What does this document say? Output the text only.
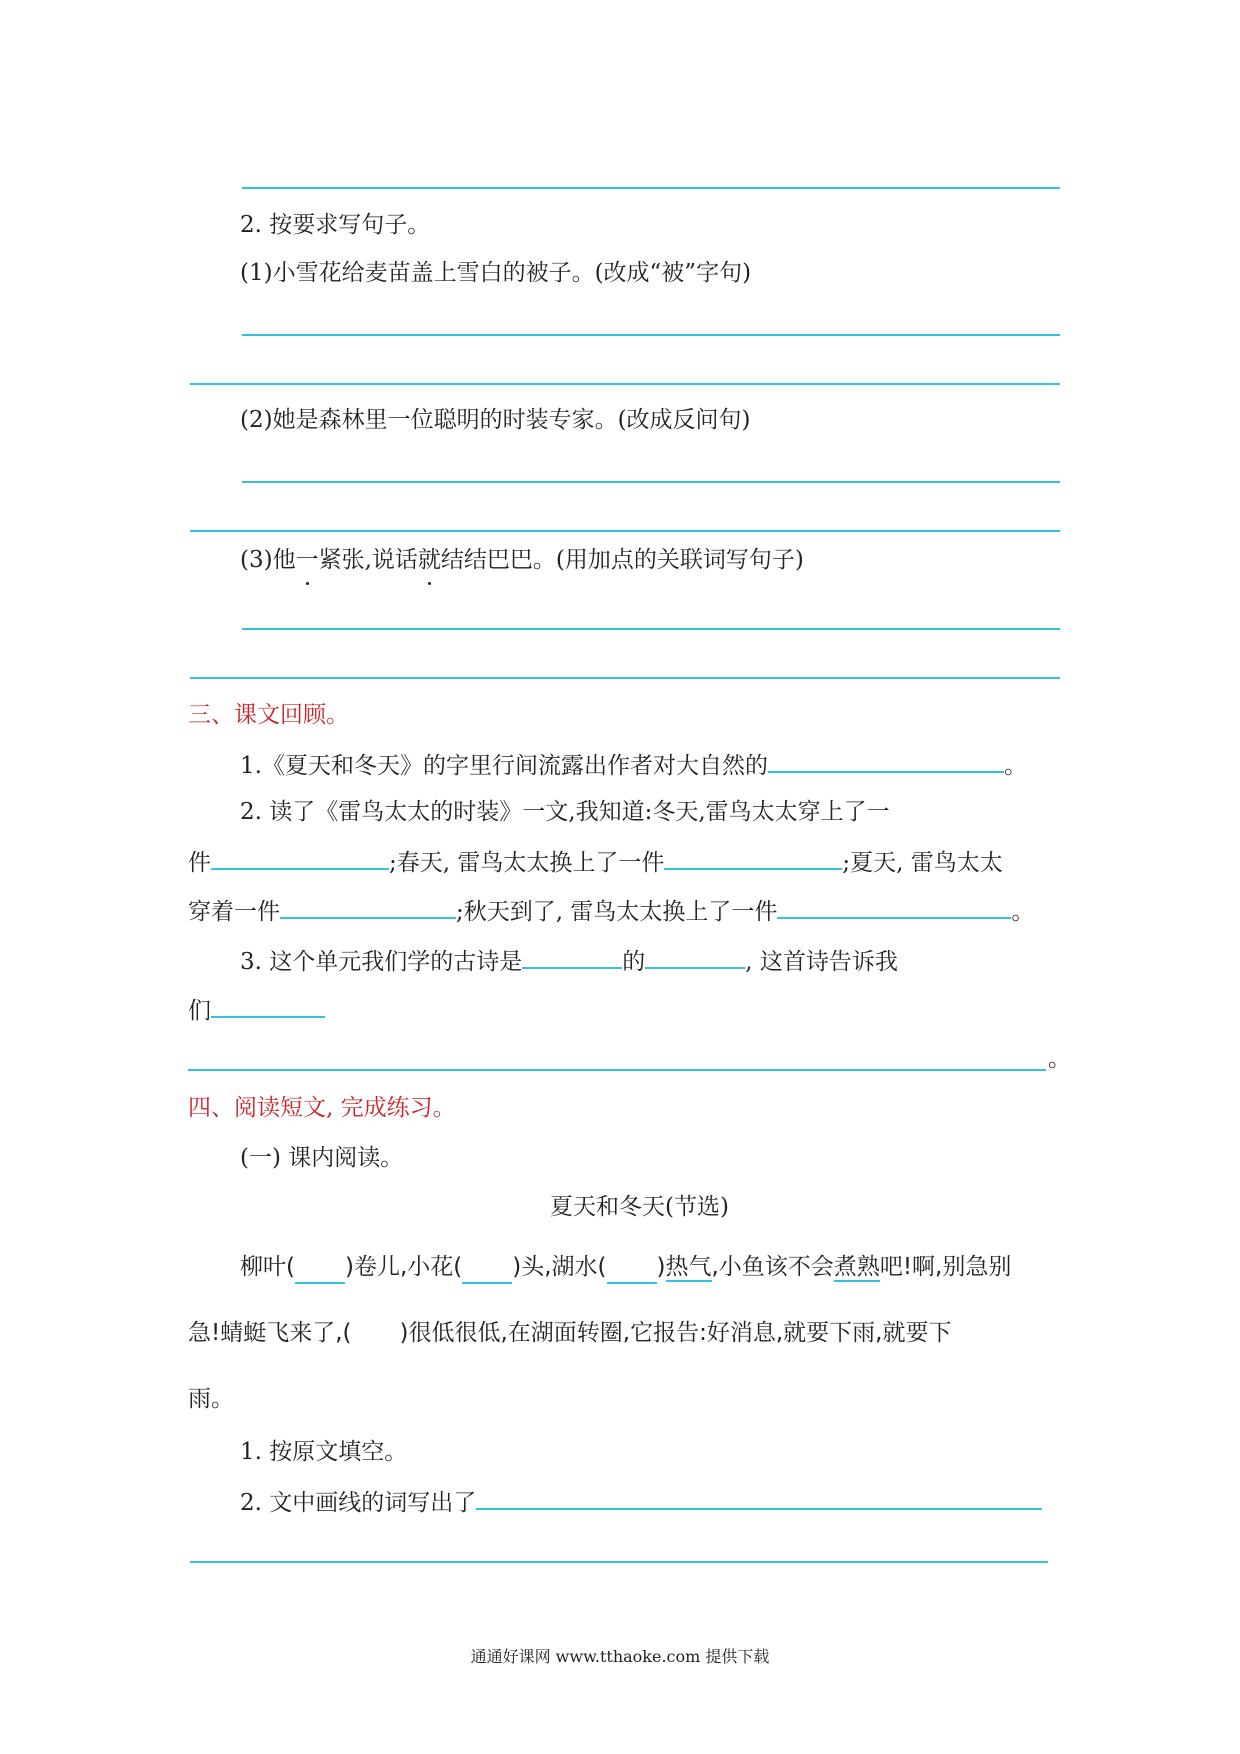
2. 按要求写句子。
(1)小雪花给麦苗盖上雪白的被子。(改成“被”字句)
(2)她是森林里一位聪明的时装专家。(改成反问句)
(3)他一紧张,说话就结结巴巴。(用加点的关联词写句子)
三、课文回顾。
1.《夏天和冬天》的字里行间流露出作者对大自然的	。
2. 读了《雷鸟太太的时装》一文,我知道:冬天,雷鸟太太穿上了一
件	;春天, 雷鸟太太换上了一件	;夏天, 雷鸟太太
穿着一件	;秋天到了, 雷鸟太太换上了一件	。
3. 这个单元我们学的古诗是	的	, 这首诗告诉我
们
。
四、阅读短文, 完成练习。
(一) 课内阅读。
夏天和冬天(节选)
柳叶( )卷儿,小花( )头,湖水( )热气,小鱼该不会煮熟吧!啊,别急别
急!蜻蜓飞来了,( )很低很低,在湖面转圈,它报告:好消息,就要下雨,就要下
雨。
1. 按原文填空。
2. 文中画线的词写出了
通通好课网 www.tthaoke.com 提供下载
